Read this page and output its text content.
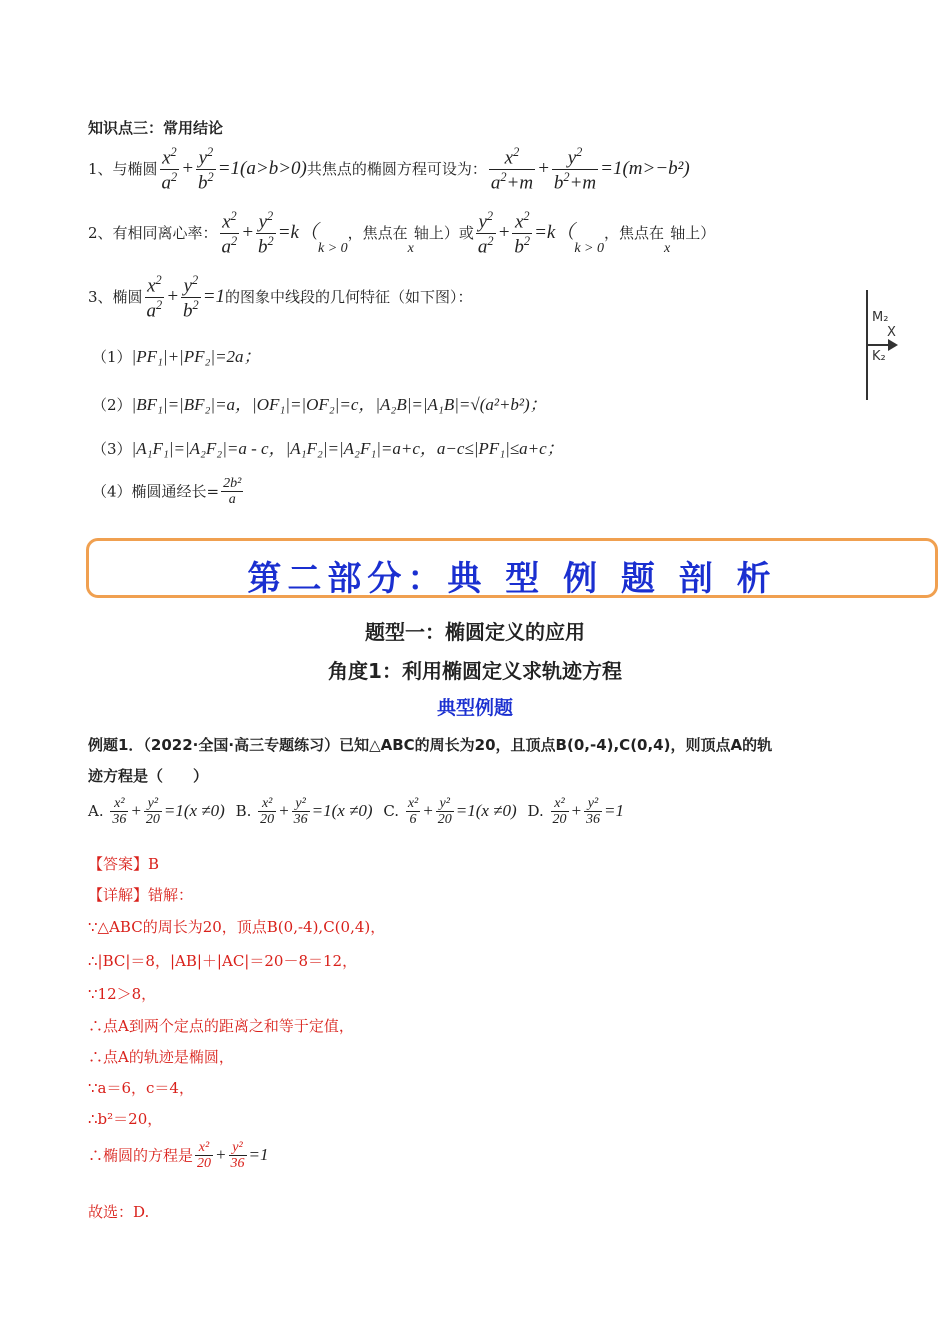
知识点三：常用结论
1、与椭圆 $\frac{x^2}{a^2} + \frac{y^2}{b^2} =1(a>b>0)$共焦点的椭圆方程可设为： $\frac{x^2}{a^2+m} + \frac{y^2}{b^2+m} =1(m>-b^2)$
2、有相同离心率： $\frac{x^2}{a^2} + \frac{y^2}{b^2} =k(k > 0$，焦点在x轴上）或 $\frac{y^2}{a^2} + \frac{x^2}{b^2} =k(k > 0$，焦点在x轴上）
3、椭圆 $\frac{x^2}{a^2} + \frac{y^2}{b^2} =1$的图象中线段的几何特征（如下图）：
M₂
X
K₂
（1）|PF₁|+|PF₂|=2a；
（2）|BF₁|=|BF₂|=a，|OF₁|=|OF₂|=c，|A₂B|=|A₁B|=√(a²+b²)；
（3）|A₁F₁|=|A₂F₂|=a - c，|A₁F₂|=|A₂F₁|=a+c，a−c≤|PF₁|≤a+c；
（4）椭圆通经长= $\frac{\text{2b²}}{a}$
第二部分：典 型 例 题 剖 析
题型一：椭圆定义的应用
角度1：利用椭圆定义求轨迹方程
典型例题
例题1．（2022·全国·高三专题练习）已知△ABC的周长为20，且顶点B(0,-4),C(0,4)，则顶点A的轨
迹方程是（　　）
A. $\frac{\text{x²}}{36} + \frac{\text{y²}}{20} =1(x \ne 0)$ B. $\frac{\text{x²}}{20} + \frac{\text{y²}}{36} =1(x \ne 0)$ C. $\frac{\text{x²}}{6} + \frac{\text{y²}}{20} =1(x \ne 0)$ D. $\frac{\text{x²}}{20} + \frac{\text{y²}}{36} =1$
【答案】B
【详解】错解：
∵△ABC的周长为20，顶点B(0,-4),C(0,4)，
∴|BC|＝8，|AB|＋|AC|＝20－8＝12，
∵12＞8，
∴点A到两个定点的距离之和等于定值，
∴点A的轨迹是椭圆，
∵a＝6，c＝4，
∴b²＝20，
∴椭圆的方程是 $\frac{\text{x²}}{20} + \frac{\text{y²}}{36} =1$
故选：D.
